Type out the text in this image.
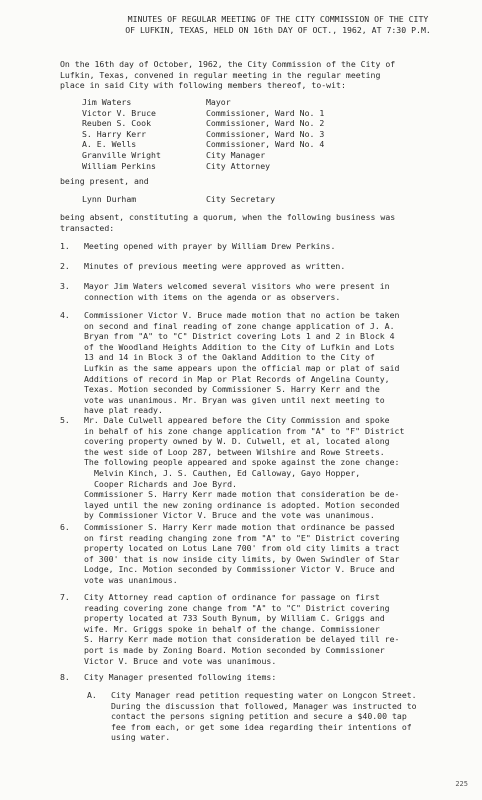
MINUTES OF REGULAR MEETING OF THE CITY COMMISSION OF THE CITY
OF LUFKIN, TEXAS, HELD ON 16th DAY OF OCT., 1962, AT 7:30 P.M.
On the 16th day of October, 1962, the City Commission of the City of
Lufkin, Texas, convened in regular meeting in the regular meeting
place in said City with following members thereof, to-wit:
Jim Waters	Mayor
Victor V. Bruce	Commissioner, Ward No. 1
Reuben S. Cook	Commissioner, Ward No. 2
S. Harry Kerr	Commissioner, Ward No. 3
A. E. Wells	Commissioner, Ward No. 4
Granville Wright	City Manager
William Perkins	City Attorney
being present, and
Lynn Durham	City Secretary
being absent, constituting a quorum, when the following business was
transacted:
1.	Meeting opened with prayer by William Drew Perkins.
2.	Minutes of previous meeting were approved as written.
3.	Mayor Jim Waters welcomed several visitors who were present in
connection with items on the agenda or as observers.
4.	Commissioner Victor V. Bruce made motion that no action be taken
on second and final reading of zone change application of J. A.
Bryan from "A" to "C" District covering Lots 1 and 2 in Block 4
of the Woodland Heights Addition to the City of Lufkin and Lots
13 and 14 in Block 3 of the Oakland Addition to the City of
Lufkin as the same appears upon the official map or plat of said
Additions of record in Map or Plat Records of Angelina County,
Texas. Motion seconded by Commissioner S. Harry Kerr and the
vote was unanimous. Mr. Bryan was given until next meeting to
have plat ready.
5.	Mr. Dale Culwell appeared before the City Commission and spoke
in behalf of his zone change application from "A" to "F" District
covering property owned by W. D. Culwell, et al, located along
the west side of Loop 287, between Wilshire and Rowe Streets.
The following people appeared and spoke against the zone change:
Melvin Kinch, J. S. Cauthen, Ed Calloway, Gayo Hopper,
Cooper Richards and Joe Byrd.
Commissioner S. Harry Kerr made motion that consideration be de-
layed until the new zoning ordinance is adopted. Motion seconded
by Commissioner Victor V. Bruce and the vote was unanimous.
6.	Commissioner S. Harry Kerr made motion that ordinance be passed
on first reading changing zone from "A" to "E" District covering
property located on Lotus Lane 700' from old city limits a tract
of 300' that is now inside city limits, by Owen Swindler of Star
Lodge, Inc. Motion seconded by Commissioner Victor V. Bruce and
vote was unanimous.
7.	City Attorney read caption of ordinance for passage on first
reading covering zone change from "A" to "C" District covering
property located at 733 South Bynum, by William C. Griggs and
wife. Mr. Griggs spoke in behalf of the change. Commissioner
S. Harry Kerr made motion that consideration be delayed till re-
port is made by Zoning Board. Motion seconded by Commissioner
Victor V. Bruce and vote was unanimous.
8.	City Manager presented following items:
A.	City Manager read petition requesting water on Longcon Street.
During the discussion that followed, Manager was instructed to
contact the persons signing petition and secure a $40.00 tap
fee from each, or get some idea regarding their intentions of
using water.
225
